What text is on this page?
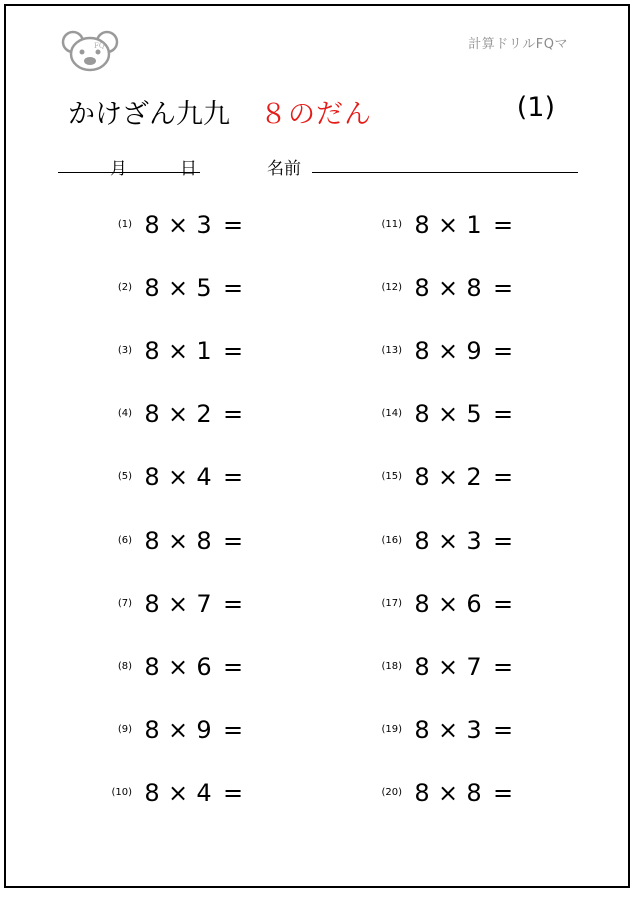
FQ	計算ドリルFQマ
かけざん九九 ８のだん	(1)
月	日	名前
(1) 8 × 3 =
(2) 8 × 5 =
(3) 8 × 1 =
(4) 8 × 2 =
(5) 8 × 4 =
(6) 8 × 8 =
(7) 8 × 7 =
(8) 8 × 6 =
(9) 8 × 9 =
(10) 8 × 4 =
(11) 8 × 1 =
(12) 8 × 8 =
(13) 8 × 9 =
(14) 8 × 5 =
(15) 8 × 2 =
(16) 8 × 3 =
(17) 8 × 6 =
(18) 8 × 7 =
(19) 8 × 3 =
(20) 8 × 8 =
